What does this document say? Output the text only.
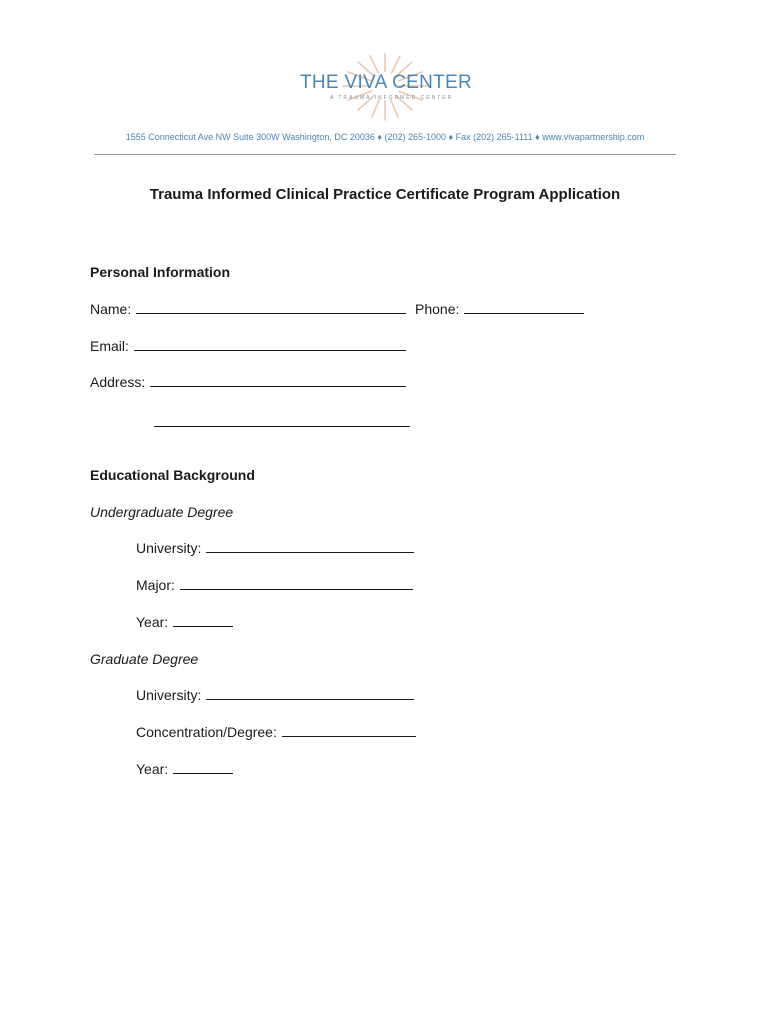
THE VIVA CENTER
A TRAUMA INFORMED CENTER
1555 Connecticut Ave NW Suite 300W Washington, DC 20036 ♦ (202) 265-1000 ♦ Fax (202) 265-1111 ♦ www.vivapartnership.com
Trauma Informed Clinical Practice Certificate Program Application
Personal Information
Name:	Phone:
Email:
Address:
Educational Background
Undergraduate Degree
University:
Major:
Year:
Graduate Degree
University:
Concentration/Degree:
Year:
